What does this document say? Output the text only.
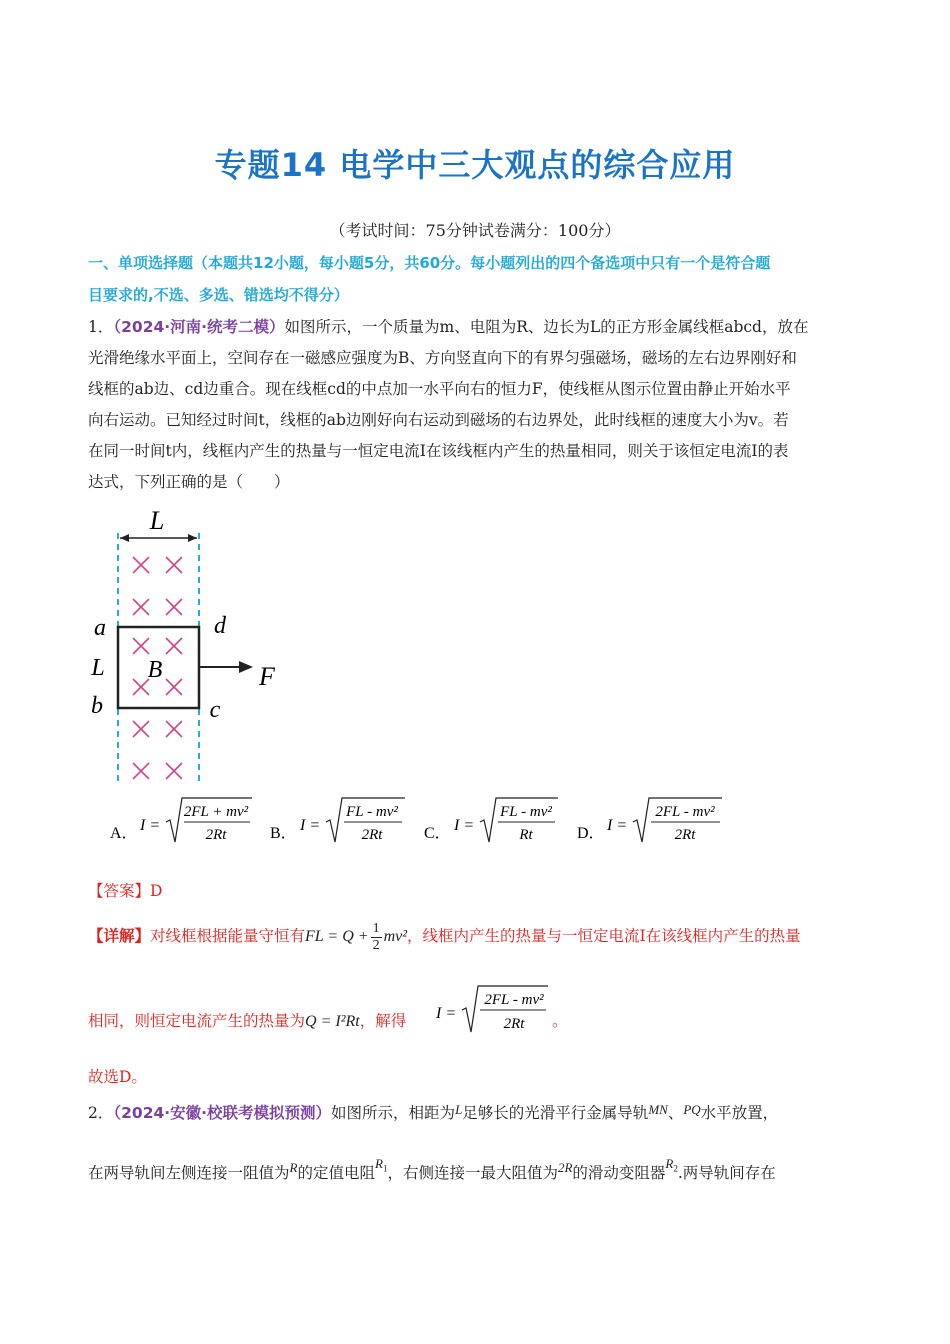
专题14 电学中三大观点的综合应用
（考试时间：75分钟试卷满分：100分）
一、单项选择题（本题共12小题，每小题5分，共60分。每小题列出的四个备选项中只有一个是符合题
目要求的,不选、多选、错选均不得分）
1．（2024·河南·统考二模）如图所示，一个质量为m、电阻为R、边长为L的正方形金属线框abcd，放在
光滑绝缘水平面上，空间存在一磁感应强度为B、方向竖直向下的有界匀强磁场，磁场的左右边界刚好和
线框的ab边、cd边重合。现在线框cd的中点加一水平向右的恒力F，使线框从图示位置由静止开始水平
向右运动。已知经过时间t，线框的ab边刚好向右运动到磁场的右边界处，此时线框的速度大小为v。若
在同一时间t内，线框内产生的热量与一恒定电流I在该线框内产生的热量相同，则关于该恒定电流I的表
达式，下列正确的是（　　）
L
a	d
L B	F
b	c
A． I =
2FL + mv²
2Rt	B． I =
FL - mv²
2Rt	C． I =
FL - mv²
Rt	D． I =
2FL - mv²
2Rt
【答案】D
【详解】对线框根据能量守恒有FL = $Q + \frac{1}{2} mv^2$，线框内产生的热量与一恒定电流I在该线框内产生的热量
相同，则恒定电流产生的热量为Q = I²Rt，解得	I =
2FL - mv²
2Rt 。
故选D。
2．（2024·安徽·校联考模拟预测）如图所示，相距为$^L$足够长的光滑平行金属导轨$^{MN}$、$^{PQ}$水平放置，
在两导轨间左侧连接一阻值为$^R$的定值电阻$^{R_1}$，右侧连接一最大阻值为$^{2R}$的滑动变阻器$^{R_2}$.两导轨间存在
